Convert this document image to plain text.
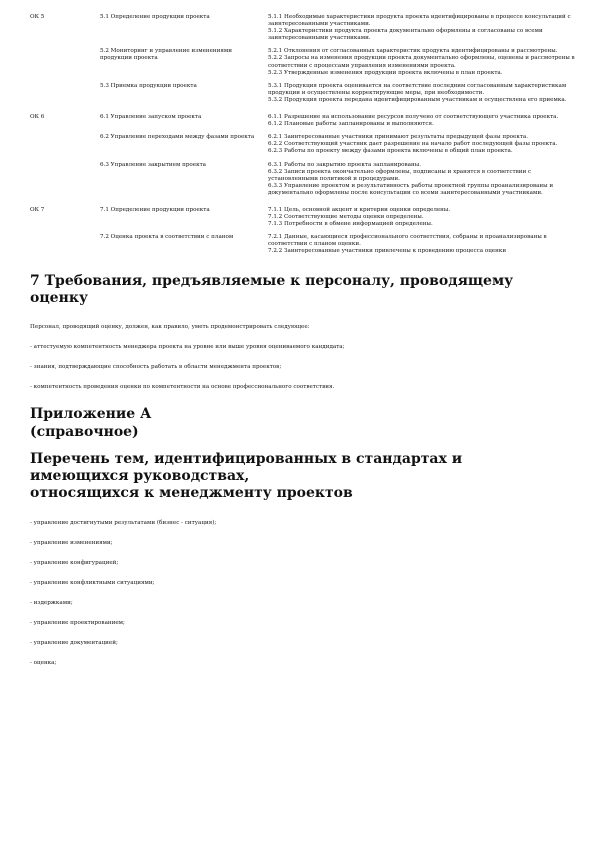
ОК 5	5.1 Определение продукции проекта	5.1.1 Необходимые характеристики продукта проекта идентифицированы в процессе консультаций с заинтересованными участниками.
5.1.2 Характеристики продукта проекта документально оформлены и согласованы со всеми заинтересованными участниками.

	5.2 Мониторинг и управление изменениями продукции проекта	5.2.1 Отклонения от согласованных характеристик продукта идентифицированы и рассмотрены.
5.2.2 Запросы на изменения продукции проекта документально оформлены, оценены и рассмотрены в соответствии с процессами управления изменениями проекта.
5.2.3 Утвержденные изменения продукции проекта включены в план проекта.

	5.3 Приемка продукции проекта	5.3.1 Продукция проекта оценивается на соответствие последним согласованным характеристикам продукции и осуществлены корректирующие меры, при необходимости.
5.3.2 Продукция проекта передана идентифицированным участникам и осуществлена его приемка.

ОК 6	6.1 Управление запуском проекта	6.1.1 Разрешение на использование ресурсов получено от соответствующего участника проекта.
6.1.2 Плановые работы запланированы и выполняются.

	6.2 Управление переходами между фазами проекта	6.2.1 Заинтересованные участники принимают результаты предыдущей фазы проекта.
6.2.2 Соответствующий участник дает разрешение на начало работ последующей фазы проекта.
6.2.3 Работы по проекту между фазами проекта включены в общий план проекта.

	6.3 Управление закрытием проекта	6.3.1 Работы по закрытию проекта запланированы.
6.3.2 Записи проекта окончательно оформлены, подписаны и хранятся в соответствии с установленными политикой и процедурами.
6.3.3 Управление проектом и результативность работы проектной группы проанализированы и документально оформлены после консультации со всеми заинтересованными участниками.

ОК 7	7.1 Определение продукции проекта	7.1.1 Цель, основной акцент и критерии оценки определены.
7.1.2 Соответствующие методы оценки определены.
7.1.3 Потребности в обмене информацией определены.

	7.2 Оценка проекта в соответствии с планом	7.2.1 Данные, касающиеся профессионального соответствия, собраны и проанализированы в соответствии с планом оценки.
7.2.2 Заинтересованные участники привлечены к проведению процесса оценки
7 Требования, предъявляемые к персоналу, проводящему оценку

Персонал, проводящий оценку, должен, как правило, уметь продемонстрировать следующее:

- аттестуемую компетентность менеджера проекта на уровне или выше уровня оцениваемого кандидата;

- знания, подтверждающие способность работать в области менеджмента проектов;

- компетентность проведения оценки по компетентности на основе профессионального соответствия.

Приложение А
(справочное)
Перечень тем, идентифицированных в стандартах и
имеющихся руководствах,
относящихся к менеджменту проектов

- управление достигнутыми результатами (бизнес - ситуация);

- управление изменениями;

- управление конфигурацией;

- управление конфликтными ситуациями;

- издержками;

- управление проектированием;

- управление документацией;

- оценка;
